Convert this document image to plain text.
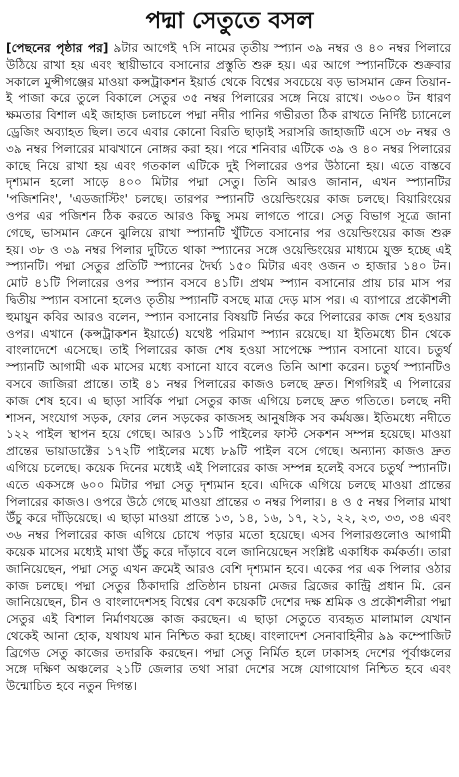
পদ্মা সেতুতে বসল
[পেছনের পৃষ্ঠার পর] ৯টার আগেই ৭সি নামের তৃতীয় স্প্যান ৩৯ নম্বর ও ৪০ নম্বর পিলারে উঠিয়ে রাখা হয় এবং স্থায়ীভাবে বসানোর প্রস্তুতি শুরু হয়। এর আগে স্প্যানটিকে শুক্রবার সকালে মুন্সীগঞ্জের মাওয়া কন্সট্রাকশন ইয়ার্ড থেকে বিশ্বের সবচেয়ে বড় ভাসমান ক্রেন তিয়ান-ই পাজা করে তুলে বিকালে সেতুর ৩৫ নম্বর পিলারের সঙ্গে নিয়ে রাখে। ৩৬০০ টন ধারণ ক্ষমতার বিশাল এই জাহাজ চলাচলে পদ্মা নদীর পানির গভীরতা ঠিক রাখতে নির্দিষ্ট চ্যানেলে ড্রেজিং অব্যাহত ছিল। তবে এবার কোনো বিরতি ছাড়াই সরাসরি জাহাজটি এসে ৩৮ নম্বর ও ৩৯ নম্বর পিলারের মাঝখানে নোঙ্গর করা হয়। পরে শনিবার এটিকে ৩৯ ও ৪০ নম্বর পিলারের কাছে নিয়ে রাখা হয় এবং গতকাল এটিকে দুই পিলারের ওপর উঠানো হয়। এতে বাস্তবে দৃশ্যমান হলো সাড়ে ৪০০ মিটার পদ্মা সেতু। তিনি আরও জানান, এখন স্প্যানটির 'পজিশনিং', 'এডজাস্টিং' চলছে। তারপর স্প্যানটি ওয়েল্ডিংয়ের কাজ চলছে। বিয়ারিংয়ের ওপর এর পজিশন ঠিক করতে আরও কিছু সময় লাগতে পারে। সেতু বিভাগ সূত্রে জানা গেছে, ভাসমান ক্রেনে ঝুলিয়ে রাখা স্প্যানটি খুঁটিতে বসানোর পর ওয়েল্ডিংয়ের কাজ শুরু হয়। ৩৮ ও ৩৯ নম্বর পিলার দুটিতে থাকা স্প্যানের সঙ্গে ওয়েল্ডিংয়ের মাধ্যমে যুক্ত হচ্ছে এই স্প্যানটি। পদ্মা সেতুর প্রতিটি স্প্যানের দৈর্ঘ্য ১৫০ মিটার এবং ওজন ৩ হাজার ১৪০ টন। মোট ৪১টি পিলারের ওপর স্প্যান বসবে ৪১টি। প্রথম স্প্যান বসানোর প্রায় চার মাস পর দ্বিতীয় স্প্যান বসানো হলেও তৃতীয় স্প্যানটি বসছে মাত্র দেড় মাস পর। এ ব্যাপারে প্রকৌশলী হুমায়ুন কবির আরও বলেন, স্প্যান বসানোর বিষয়টি নির্ভর করে পিলারের কাজ শেষ হওয়ার ওপর। এখানে (কন্সট্রাকশন ইয়ার্ডে) যথেষ্ট পরিমাণ স্প্যান রয়েছে। যা ইতিমধ্যে চীন থেকে বাংলাদেশে এসেছে। তাই পিলারের কাজ শেষ হওয়া সাপেক্ষে স্প্যান বসানো যাবে। চতুর্থ স্প্যানটি আগামী এক মাসের মধ্যে বসানো যাবে বলেও তিনি আশা করেন। চতুর্থ স্প্যানটিও বসবে জাজিরা প্রান্তে। তাই ৪১ নম্বর পিলারের কাজও চলছে দ্রুত। শিগগিরই এ পিলারের কাজ শেষ হবে। এ ছাড়া সার্বিক পদ্মা সেতুর কাজ এগিয়ে চলছে দ্রুত গতিতে। চলছে নদী শাসন, সংযোগ সড়ক, ফোর লেন সড়কের কাজসহ আনুষঙ্গিক সব কর্মযজ্ঞ। ইতিমধ্যে নদীতে ১২২ পাইল স্থাপন হয়ে গেছে। আরও ১১টি পাইলের ফাস্ট সেকশন সম্পন্ন হয়েছে। মাওয়া প্রান্তের ভায়াডাক্টের ১৭২টি পাইলের মধ্যে ৮৯টি পাইল বসে গেছে। অন্যান্য কাজও দ্রুত এগিয়ে চলেছে। কয়েক দিনের মধ্যেই এই পিলারের কাজ সম্পন্ন হলেই বসবে চতুর্থ স্প্যানটি। এতে একসঙ্গে ৬০০ মিটার পদ্মা সেতু দৃশ্যমান হবে। এদিকে এগিয়ে চলছে মাওয়া প্রান্তের পিলারের কাজও। ওপরে উঠে গেছে মাওয়া প্রান্তের ৩ নম্বর পিলার। ৪ ও ৫ নম্বর পিলার মাথা উঁচু করে দাঁড়িয়েছে। এ ছাড়া মাওয়া প্রান্তে ১৩, ১৪, ১৬, ১৭, ২১, ২২, ২৩, ৩৩, ৩৪ এবং ৩৬ নম্বর পিলারের কাজ এগিয়ে চোখে পড়ার মতো হয়েছে। এসব পিলারগুলোও আগামী কয়েক মাসের মধ্যেই মাথা উঁচু করে দাঁড়াবে বলে জানিয়েছেন সংশ্লিষ্ট একাধিক কর্মকর্তা। তারা জানিয়েছেন, পদ্মা সেতু এখন ক্রমেই আরও বেশি দৃশ্যমান হবে। একের পর এক পিলার ওঠার কাজ চলছে। পদ্মা সেতুর ঠিকাদারি প্রতিষ্ঠান চায়না মেজর ব্রিজের কান্ট্রি প্রধান মি. রেন জানিয়েছেন, চীন ও বাংলাদেশসহ বিশ্বের বেশ কয়েকটি দেশের দক্ষ শ্রমিক ও প্রকৌশলীরা পদ্মা সেতুর এই বিশাল নির্মাণযজ্ঞে কাজ করছেন। এ ছাড়া সেতুতে ব্যবহৃত মালামাল যেখান থেকেই আনা হোক, যথাযথ মান নিশ্চিত করা হচ্ছে। বাংলাদেশ সেনাবাহিনীর ৯৯ কম্পোজিট ব্রিগেড সেতু কাজের তদারকি করছেন। পদ্মা সেতু নির্মিত হলে ঢাকাসহ দেশের পূর্বাঞ্চলের সঙ্গে দক্ষিণ অঞ্চলের ২১টি জেলার তথা সারা দেশের সঙ্গে যোগাযোগ নিশ্চিত হবে এবং উন্মোচিত হবে নতুন দিগন্ত।
